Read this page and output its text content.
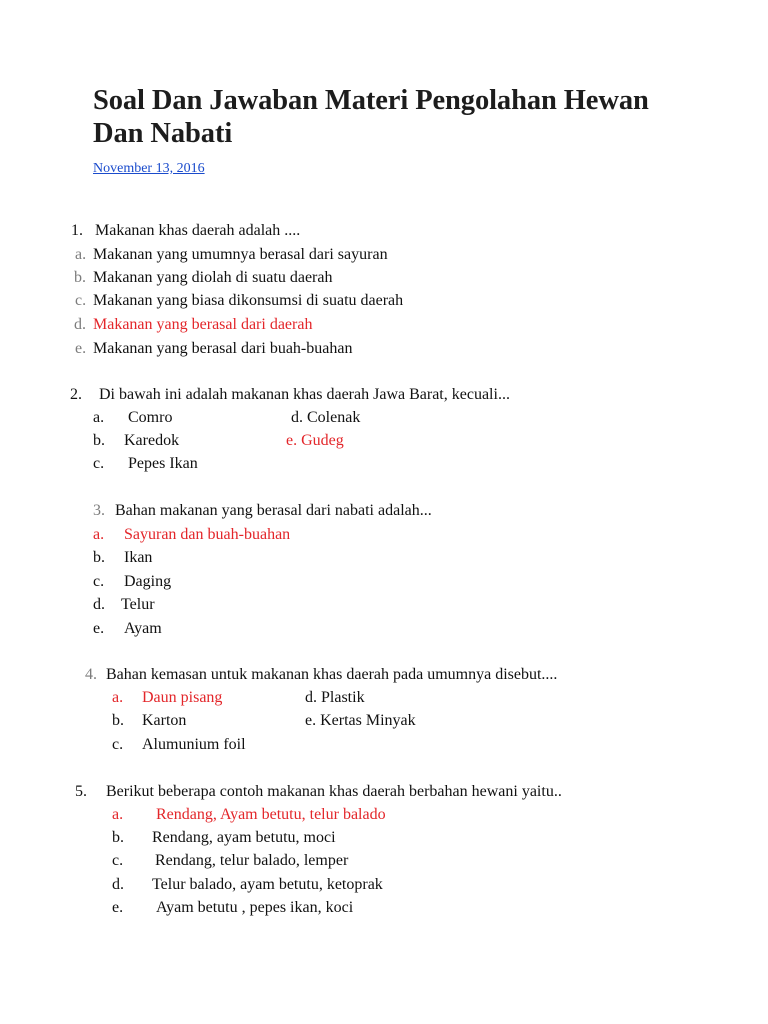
Soal Dan Jawaban Materi Pengolahan Hewan Dan Nabati
November 13, 2016
1. Makanan khas daerah adalah ....
a. Makanan yang umumnya berasal dari sayuran
b. Makanan yang diolah di suatu daerah
c. Makanan yang biasa dikonsumsi di suatu daerah
d. Makanan yang berasal dari daerah
e. Makanan yang berasal dari buah-buahan
2. Di bawah ini adalah makanan khas daerah Jawa Barat, kecuali...
a. Comro	d. Colenak
b. Karedok	e. Gudeg
c. Pepes Ikan
3. Bahan makanan yang berasal dari nabati adalah...
a. Sayuran dan buah-buahan
b. Ikan
c. Daging
d. Telur
e. Ayam
4. Bahan kemasan untuk makanan khas daerah pada umumnya disebut....
a. Daun pisang	d. Plastik
b. Karton	e. Kertas Minyak
c. Alumunium foil
5. Berikut beberapa contoh makanan khas daerah berbahan hewani yaitu..
a. Rendang, Ayam betutu, telur balado
b. Rendang, ayam betutu, moci
c. Rendang, telur balado, lemper
d. Telur balado, ayam betutu, ketoprak
e. Ayam betutu , pepes ikan, koci
